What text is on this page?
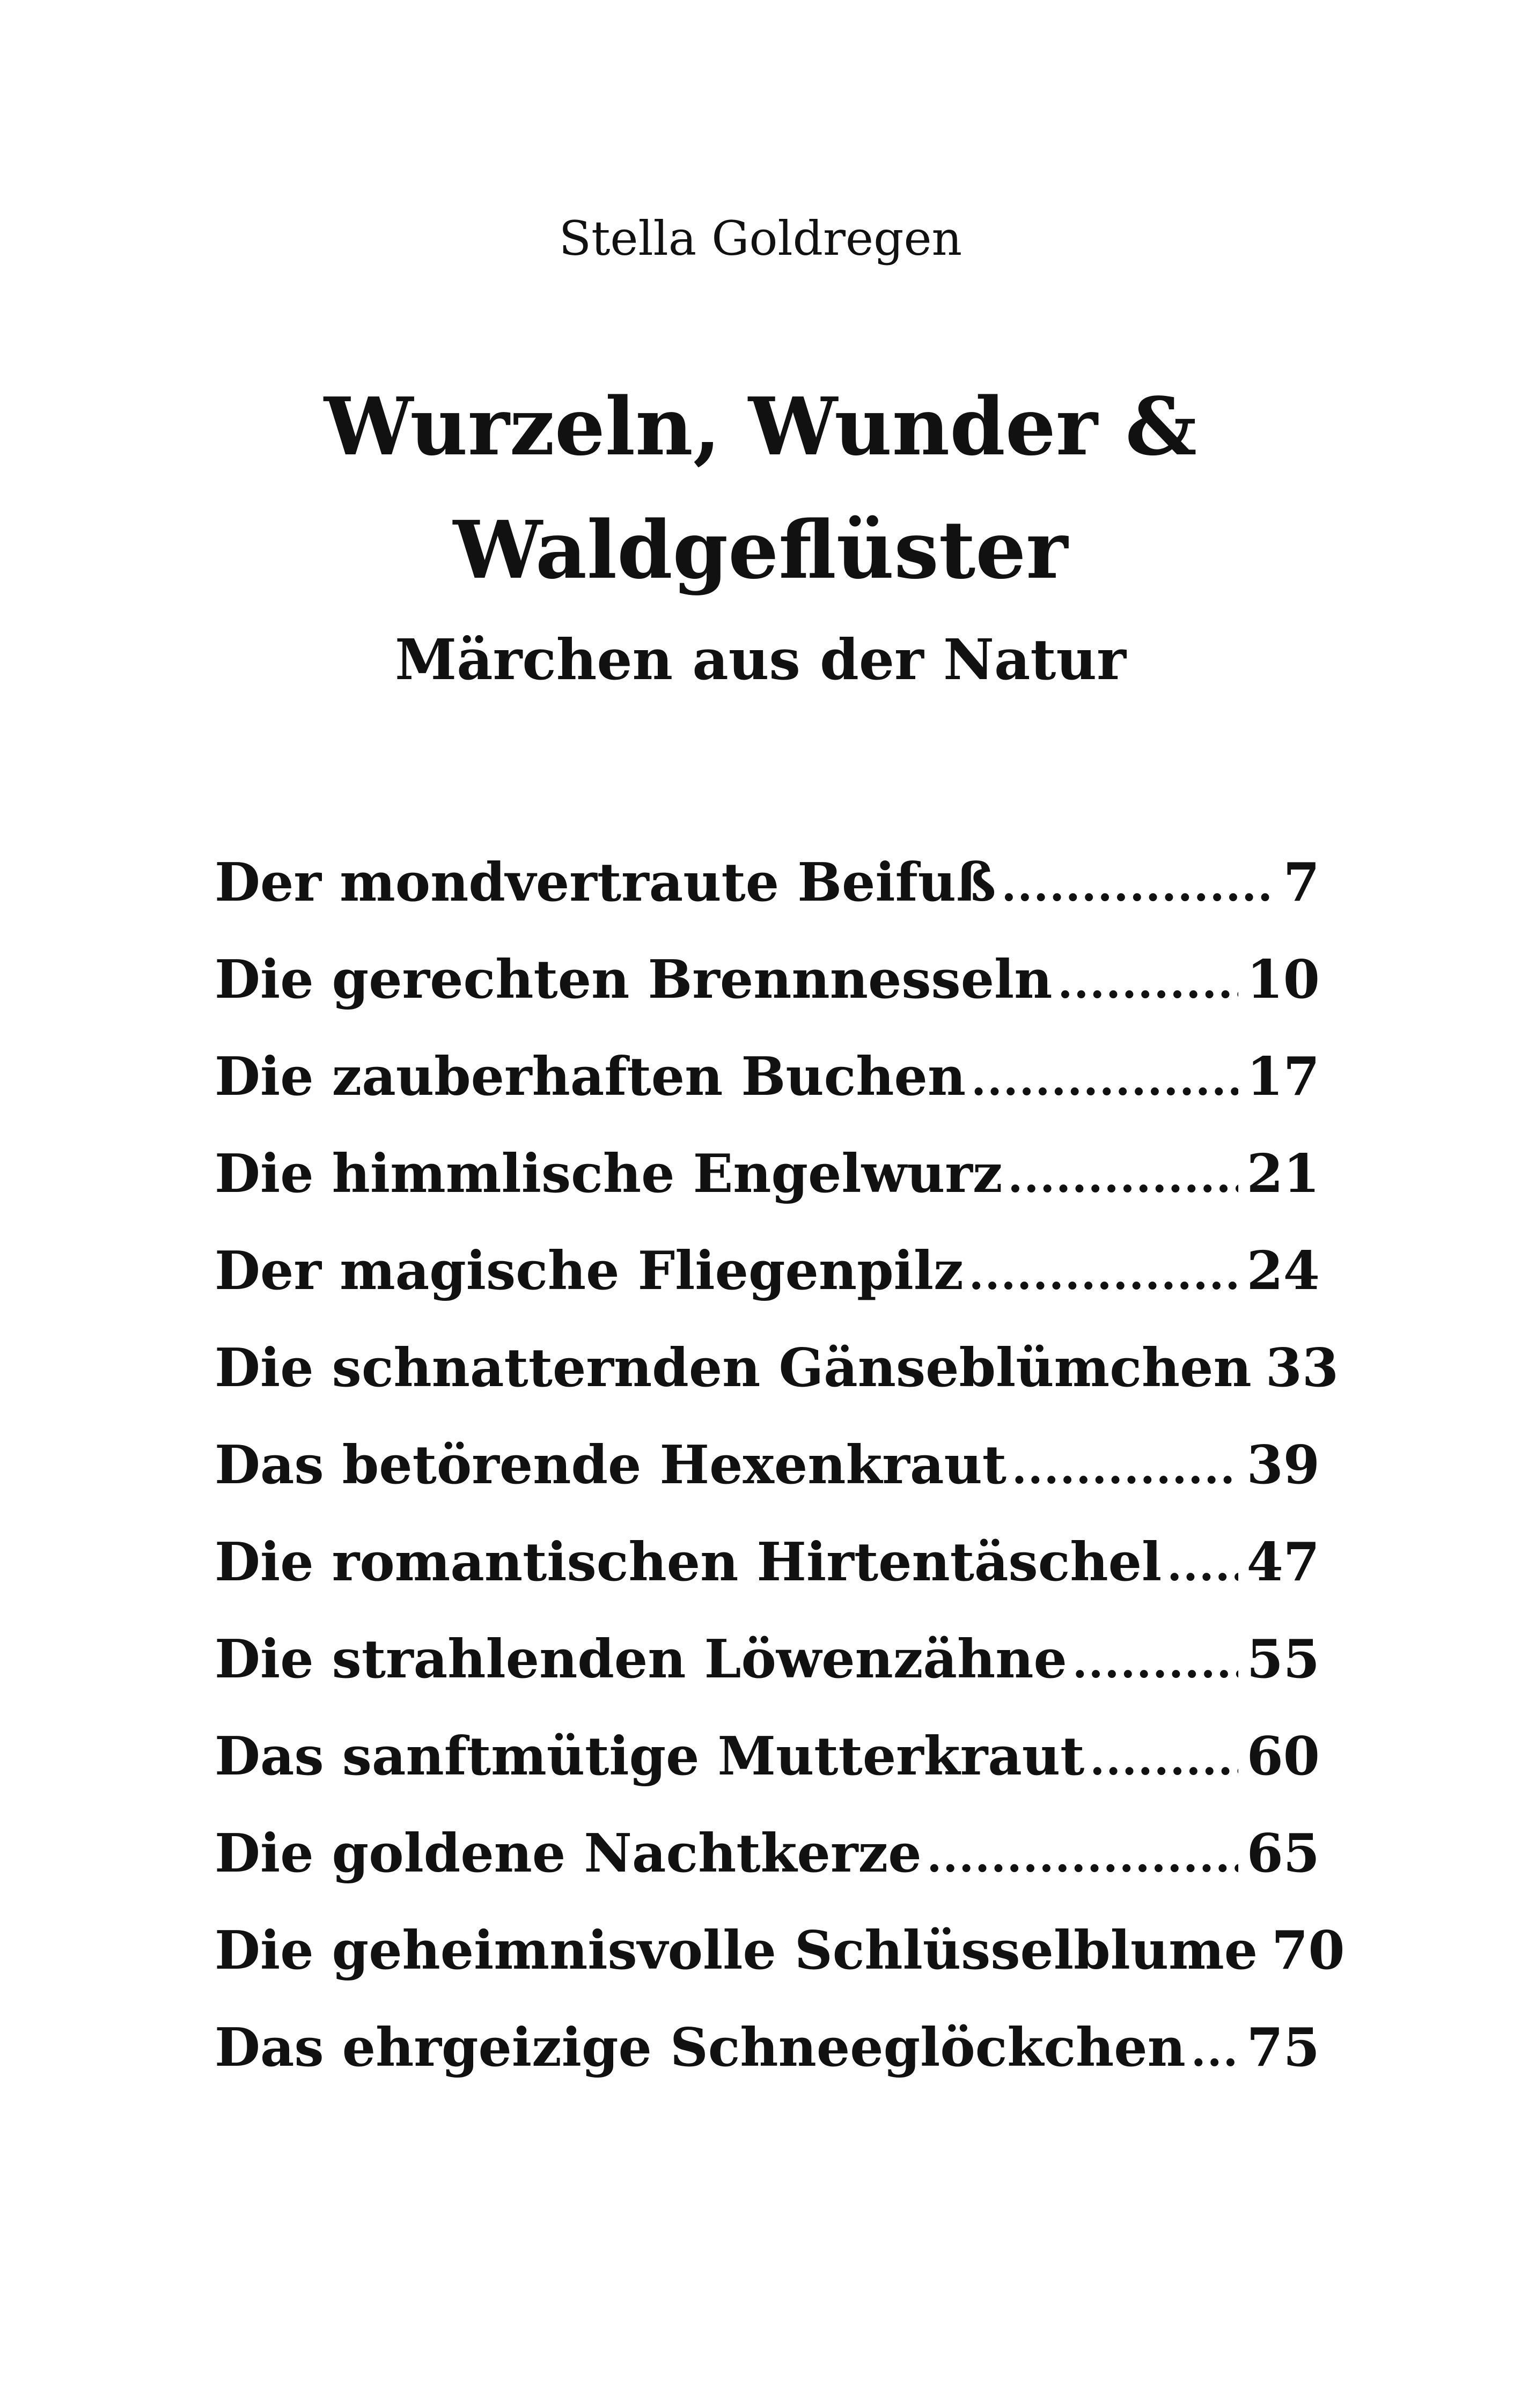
Stella Goldregen
Wurzeln, Wunder &
Waldgeflüster
Märchen aus der Natur
Der mondvertraute Beifuß .....	7
Die gerechten Brennnesseln .....	10
Die zauberhaften Buchen .....	17
Die himmlische Engelwurz .....	21
Der magische Fliegenpilz .....	24
Die schnatternden Gänseblümchen 33
Das betörende Hexenkraut .....	39
Die romantischen Hirtentäschel ..... 47
Die strahlenden Löwenzähne .....	55
Das sanftmütige Mutterkraut .....	60
Die goldene Nachtkerze .....	65
Die geheimnisvolle Schlüsselblume 70
Das ehrgeizige Schneeglöckchen ..... 75
